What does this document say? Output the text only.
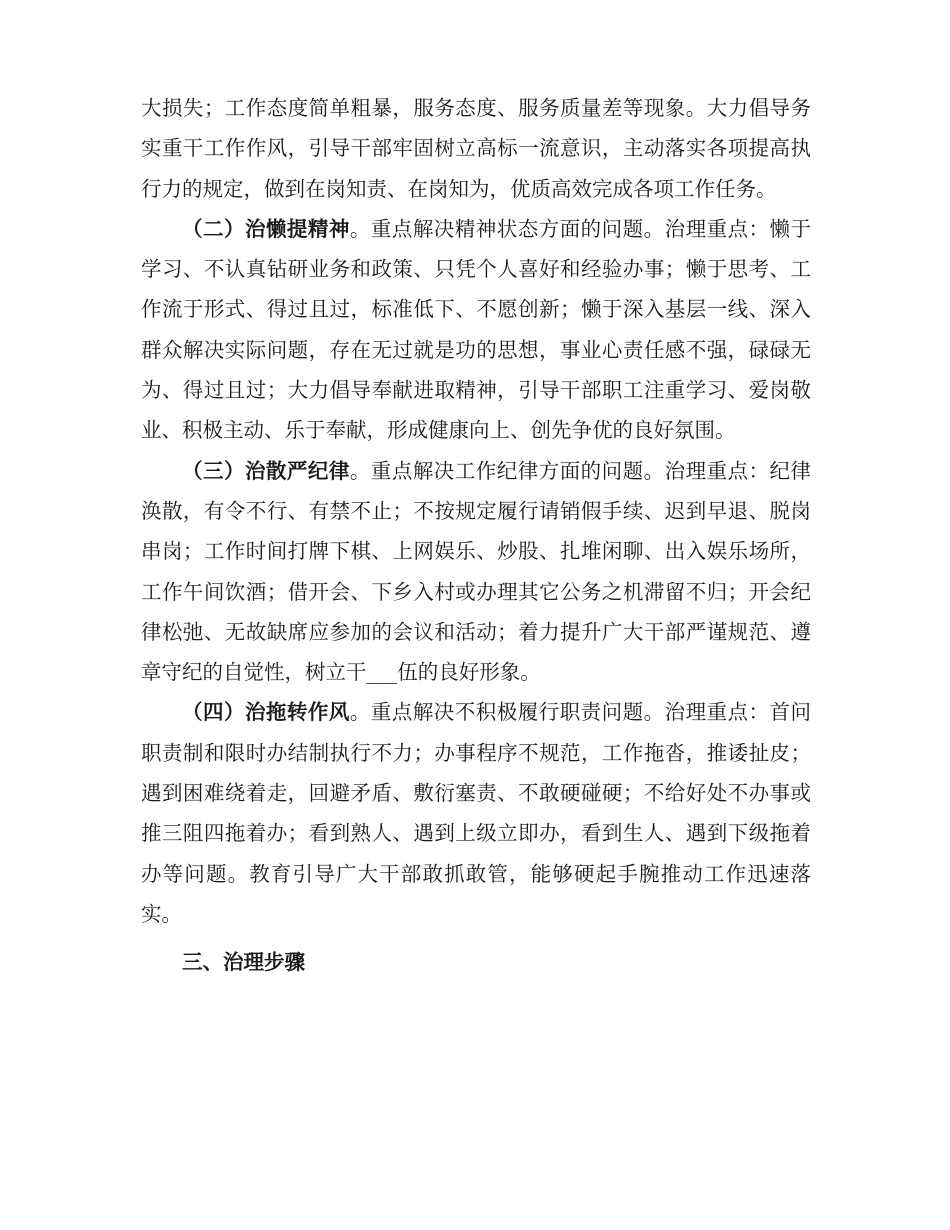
大损失；工作态度简单粗暴，服务态度、服务质量差等现象。大力倡导务实重干工作作风，引导干部牢固树立高标一流意识，主动落实各项提高执行力的规定，做到在岗知责、在岗知为，优质高效完成各项工作任务。

（二）治懒提精神。重点解决精神状态方面的问题。治理重点：懒于学习、不认真钻研业务和政策、只凭个人喜好和经验办事；懒于思考、工作流于形式、得过且过，标准低下、不愿创新；懒于深入基层一线、深入群众解决实际问题，存在无过就是功的思想，事业心责任感不强，碌碌无为、得过且过；大力倡导奉献进取精神，引导干部职工注重学习、爱岗敬业、积极主动、乐于奉献，形成健康向上、创先争优的良好氛围。

（三）治散严纪律。重点解决工作纪律方面的问题。治理重点：纪律涣散，有令不行、有禁不止；不按规定履行请销假手续、迟到早退、脱岗串岗；工作时间打牌下棋、上网娱乐、炒股、扎堆闲聊、出入娱乐场所，工作午间饮酒；借开会、下乡入村或办理其它公务之机滞留不归；开会纪律松弛、无故缺席应参加的会议和活动；着力提升广大干部严谨规范、遵章守纪的自觉性，树立干___伍的良好形象。

（四）治拖转作风。重点解决不积极履行职责问题。治理重点：首问职责制和限时办结制执行不力；办事程序不规范，工作拖沓，推诿扯皮；遇到困难绕着走，回避矛盾、敷衍塞责、不敢硬碰硬；不给好处不办事或推三阻四拖着办；看到熟人、遇到上级立即办，看到生人、遇到下级拖着办等问题。教育引导广大干部敢抓敢管，能够硬起手腕推动工作迅速落实。

三、治理步骤
